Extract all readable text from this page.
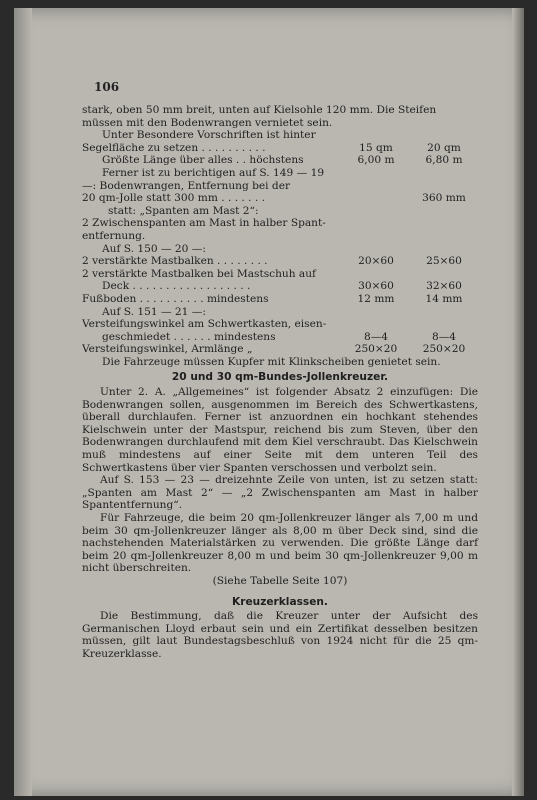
106
stark, oben 50 mm breit, unten auf Kielsohle 120 mm. Die Steifen
müssen mit den Bodenwrangen vernietet sein.
Unter Besondere Vorschriften ist hinter
Segelfläche zu setzen . . . . . . . . . .	15 qm	20 qm
Größte Länge über alles . . höchstens	6,00 m	6,80 m
Ferner ist zu berichtigen auf S. 149 — 19
—: Bodenwrangen, Entfernung bei der
20 qm-Jolle statt 300 mm . . . . . . .	360 mm
statt: „Spanten am Mast 2“:
2 Zwischenspanten am Mast in halber Spant-
entfernung.
Auf S. 150 — 20 —:
2 verstärkte Mastbalken . . . . . . . .	20×60	25×60
2 verstärkte Mastbalken bei Mastschuh auf
Deck . . . . . . . . . . . . . . . . . .	30×60	32×60
Fußboden . . . . . . . . . . mindestens	12 mm	14 mm
Auf S. 151 — 21 —:
Versteifungswinkel am Schwertkasten, eisen-
geschmiedet . . . . . . mindestens	8—4	8—4
Versteifungswinkel, Armlänge „	250×20	250×20
Die Fahrzeuge müssen Kupfer mit Klinkscheiben genietet sein.
20 und 30 qm-Bundes-Jollenkreuzer.

Unter 2. A. „Allgemeines“ ist folgender Absatz 2 einzufügen: Die Bodenwrangen sollen, ausgenommen im Bereich des Schwertkastens, überall durchlaufen. Ferner ist anzuordnen ein hochkant stehendes Kielschwein unter der Mastspur, reichend bis zum Steven, über den Bodenwrangen durchlaufend mit dem Kiel verschraubt. Das Kielschwein muß mindestens auf einer Seite mit dem unteren Teil des Schwertkastens über vier Spanten verschossen und verbolzt sein.

Auf S. 153 — 23 — dreizehnte Zeile von unten, ist zu setzen statt: „Spanten am Mast 2“ — „2 Zwischenspanten am Mast in halber Spantentfernung“.

Für Fahrzeuge, die beim 20 qm-Jollenkreuzer länger als 7,00 m und beim 30 qm-Jollenkreuzer länger als 8,00 m über Deck sind, sind die nachstehenden Materialstärken zu verwenden. Die größte Länge darf beim 20 qm-Jollenkreuzer 8,00 m und beim 30 qm-Jollenkreuzer 9,00 m nicht überschreiten.

(Siehe Tabelle Seite 107)
Kreuzerklassen.

Die Bestimmung, daß die Kreuzer unter der Aufsicht des Germanischen Lloyd erbaut sein und ein Zertifikat desselben besitzen müssen, gilt laut Bundestagsbeschluß von 1924 nicht für die 25 qm-Kreuzerklasse.
